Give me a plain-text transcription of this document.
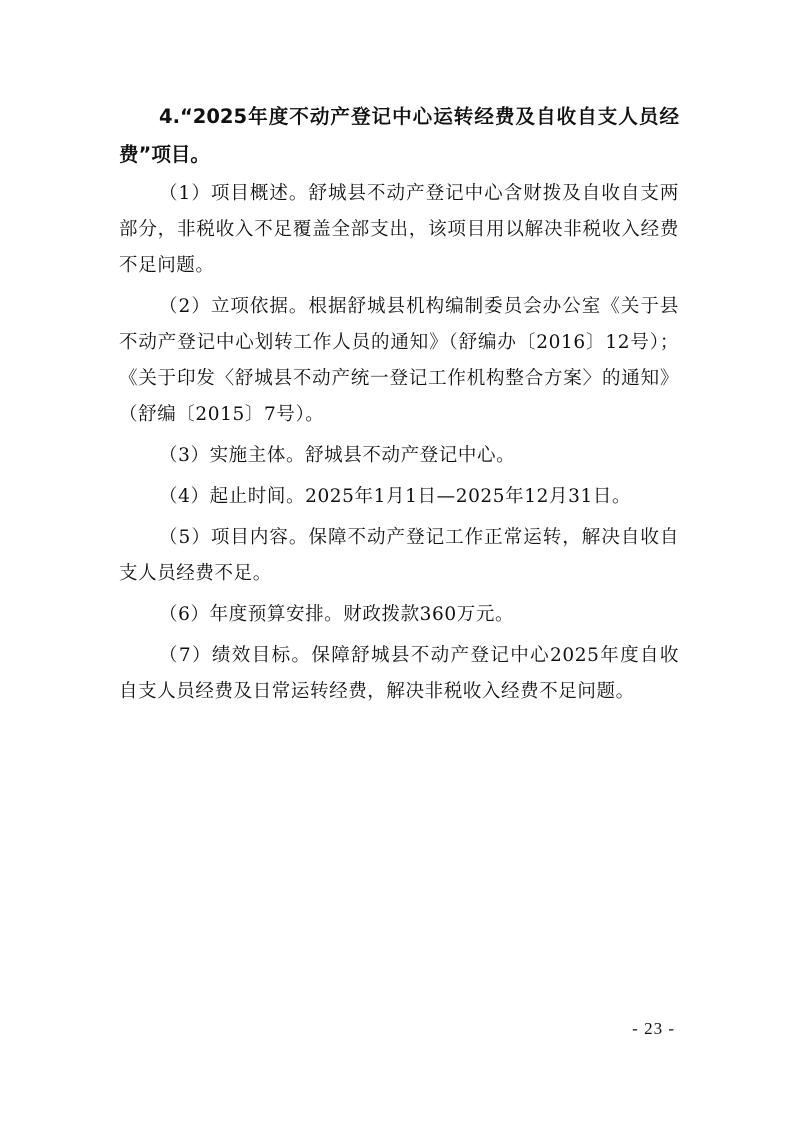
4.“2025年度不动产登记中心运转经费及自收自支人员经费”项目。

（1）项目概述。舒城县不动产登记中心含财拨及自收自支两部分，非税收入不足覆盖全部支出，该项目用以解决非税收入经费不足问题。

（2）立项依据。根据舒城县机构编制委员会办公室《关于县不动产登记中心划转工作人员的通知》（舒编办〔2016〕12号）；《关于印发〈舒城县不动产统一登记工作机构整合方案〉的通知》（舒编〔2015〕7号）。

（3）实施主体。舒城县不动产登记中心。

（4）起止时间。2025年1月1日—2025年12月31日。

（5）项目内容。保障不动产登记工作正常运转，解决自收自支人员经费不足。

（6）年度预算安排。财政拨款360万元。

（7）绩效目标。保障舒城县不动产登记中心2025年度自收自支人员经费及日常运转经费，解决非税收入经费不足问题。

- 23 -
